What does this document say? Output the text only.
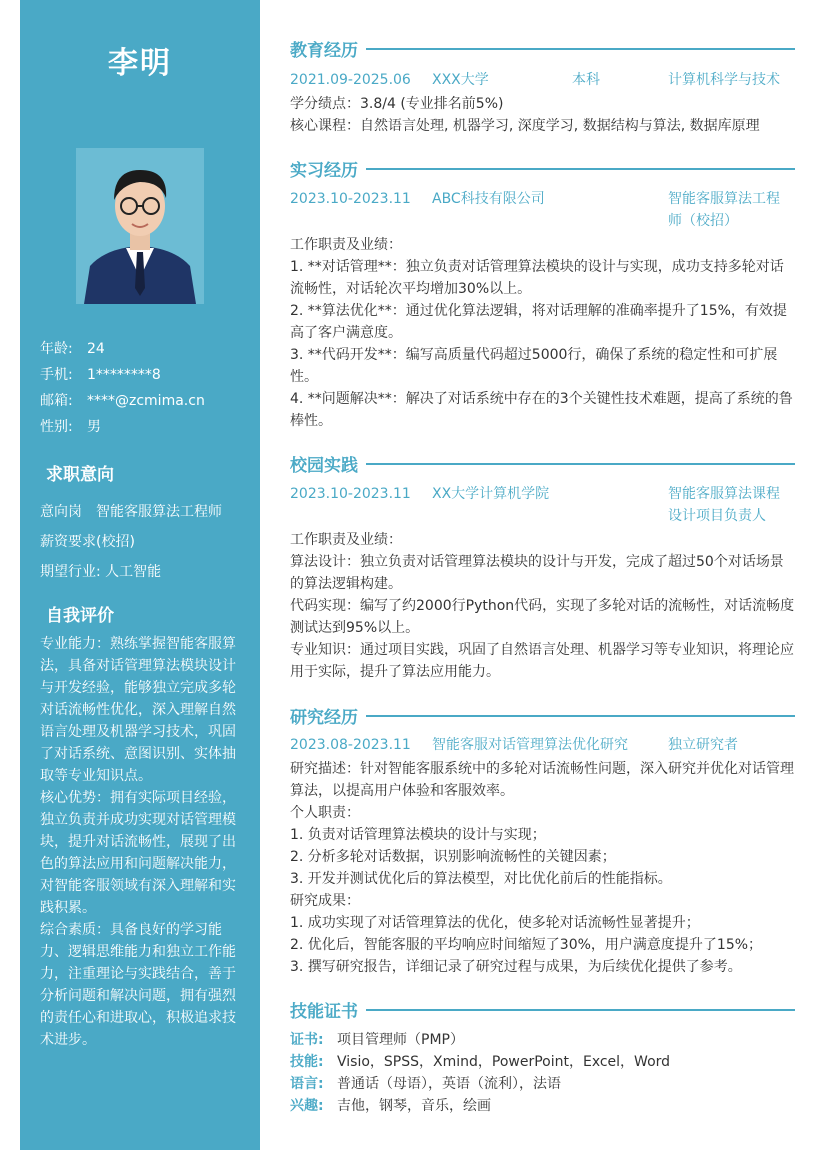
李明
年龄:	24
手机:	1********8
邮箱:	****@zcmima.cn
性别:	男
求职意向
意向岗 智能客服算法工程师
薪资要求(校招)
期望行业: 人工智能
自我评价
专业能力：熟练掌握智能客服算法，具备对话管理算法模块设计与开发经验，能够独立完成多轮对话流畅性优化，深入理解自然语言处理及机器学习技术，巩固了对话系统、意图识别、实体抽取等专业知识点。
核心优势：拥有实际项目经验，独立负责并成功实现对话管理模块，提升对话流畅性，展现了出色的算法应用和问题解决能力，对智能客服领域有深入理解和实践积累。
综合素质：具备良好的学习能力、逻辑思维能力和独立工作能力，注重理论与实践结合，善于分析问题和解决问题，拥有强烈的责任心和进取心，积极追求技术进步。
教育经历
2021.09-2025.06 XXX大学	本科	计算机科学与技术
学分绩点：3.8/4 (专业排名前5%)
核心课程：自然语言处理, 机器学习, 深度学习, 数据结构与算法, 数据库原理
实习经历
2023.10-2023.11 ABC科技有限公司	智能客服算法工程师（校招）
工作职责及业绩：
1. **对话管理**：独立负责对话管理算法模块的设计与实现，成功支持多轮对话流畅性，对话轮次平均增加30%以上。
2. **算法优化**：通过优化算法逻辑，将对话理解的准确率提升了15%，有效提高了客户满意度。
3. **代码开发**：编写高质量代码超过5000行，确保了系统的稳定性和可扩展性。
4. **问题解决**：解决了对话系统中存在的3个关键性技术难题，提高了系统的鲁棒性。
校园实践
2023.10-2023.11 XX大学计算机学院	智能客服算法课程设计项目负责人
工作职责及业绩：
算法设计：独立负责对话管理算法模块的设计与开发，完成了超过50个对话场景的算法逻辑构建。
代码实现：编写了约2000行Python代码，实现了多轮对话的流畅性，对话流畅度测试达到95%以上。
专业知识：通过项目实践，巩固了自然语言处理、机器学习等专业知识，将理论应用于实际，提升了算法应用能力。
研究经历
2023.08-2023.11 智能客服对话管理算法优化研究	独立研究者
研究描述：针对智能客服系统中的多轮对话流畅性问题，深入研究并优化对话管理算法，以提高用户体验和客服效率。
个人职责：
1. 负责对话管理算法模块的设计与实现；
2. 分析多轮对话数据，识别影响流畅性的关键因素；
3. 开发并测试优化后的算法模型，对比优化前后的性能指标。
研究成果：
1. 成功实现了对话管理算法的优化，使多轮对话流畅性显著提升；
2. 优化后，智能客服的平均响应时间缩短了30%，用户满意度提升了15%；
3. 撰写研究报告，详细记录了研究过程与成果，为后续优化提供了参考。
技能证书
证书: 项目管理师（PMP）
技能: Visio，SPSS，Xmind，PowerPoint，Excel，Word
语言: 普通话（母语），英语（流利），法语
兴趣: 吉他，钢琴，音乐，绘画
